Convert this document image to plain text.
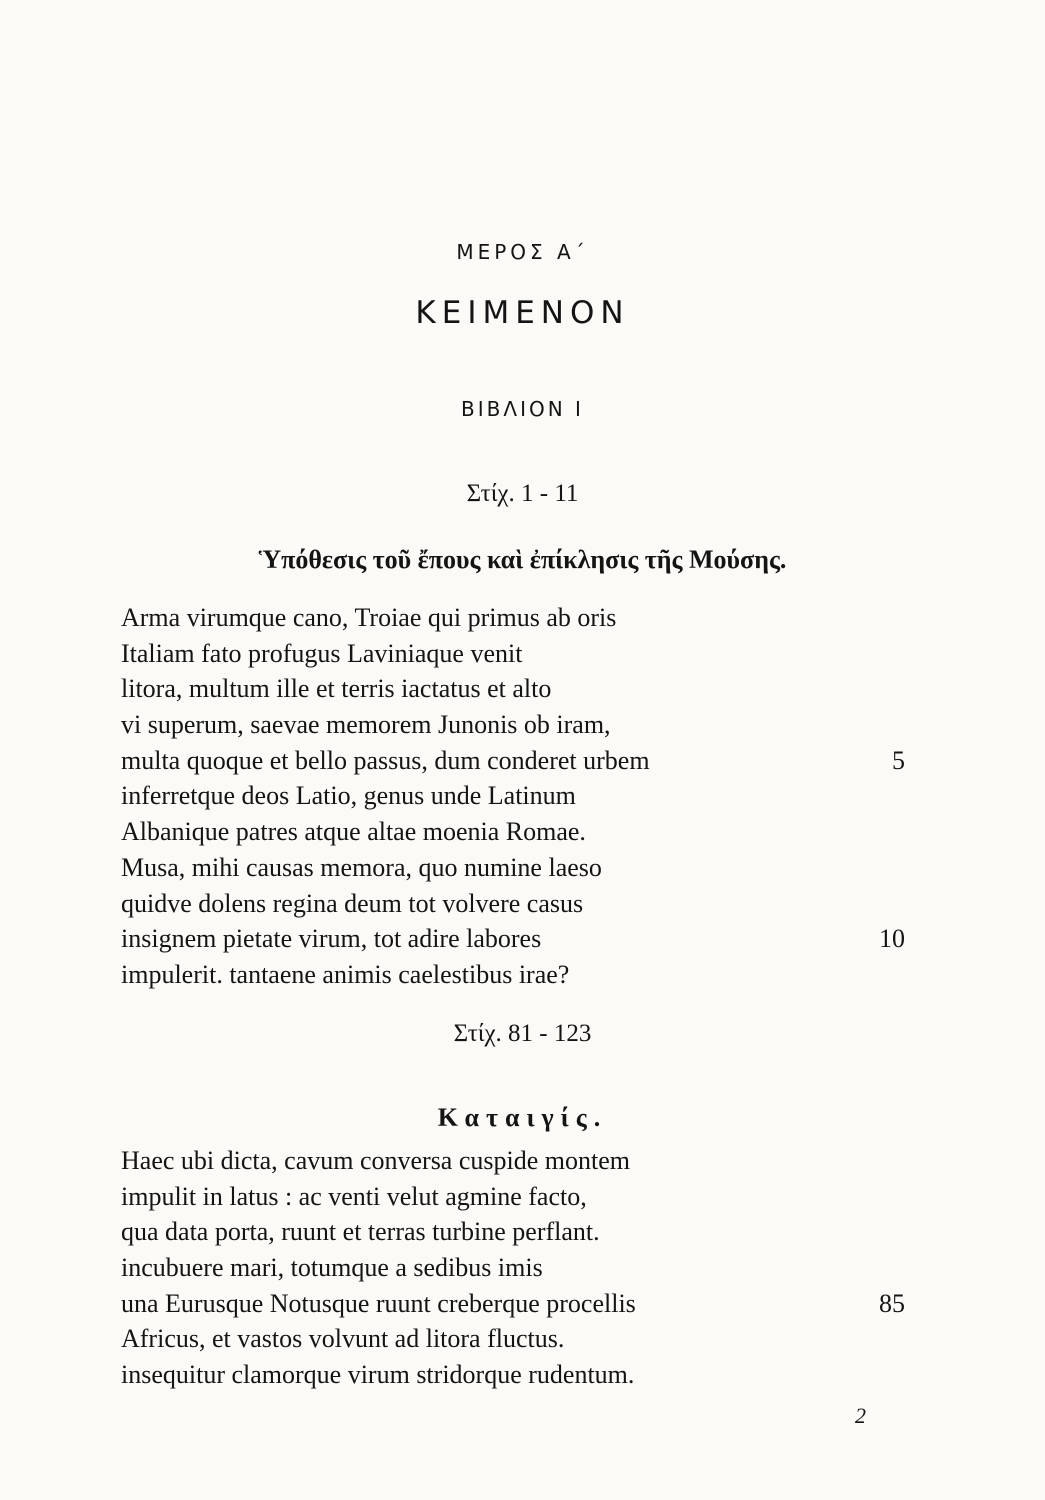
ΜΕΡΟΣ Α΄
ΚΕΙΜΕΝΟΝ
ΒΙΒΛΙΟΝ Ι
Στίχ. 1 - 11
Ὑπόθεσις τοῦ ἔπους καὶ ἐπίκλησις τῆς Μούσης.
Arma virumque cano, Troiae qui primus ab oris
Italiam fato profugus Laviniaque venit
litora, multum ille et terris iactatus et alto
vi superum, saevae memorem Junonis ob iram,
multa quoque et bello passus, dum conderet urbem	5
inferretque deos Latio, genus unde Latinum
Albanique patres atque altae moenia Romae.
Musa, mihi causas memora, quo numine laeso
quidve dolens regina deum tot volvere casus
insignem pietate virum, tot adire labores	10
impulerit. tantaene animis caelestibus irae?
Στίχ. 81 - 123
Καταιγίς.
Haec ubi dicta, cavum conversa cuspide montem
impulit in latus : ac venti velut agmine facto,
qua data porta, ruunt et terras turbine perflant.
incubuere mari, totumque a sedibus imis
una Eurusque Notusque ruunt creberque procellis	85
Africus, et vastos volvunt ad litora fluctus.
insequitur clamorque virum stridorque rudentum.
2
